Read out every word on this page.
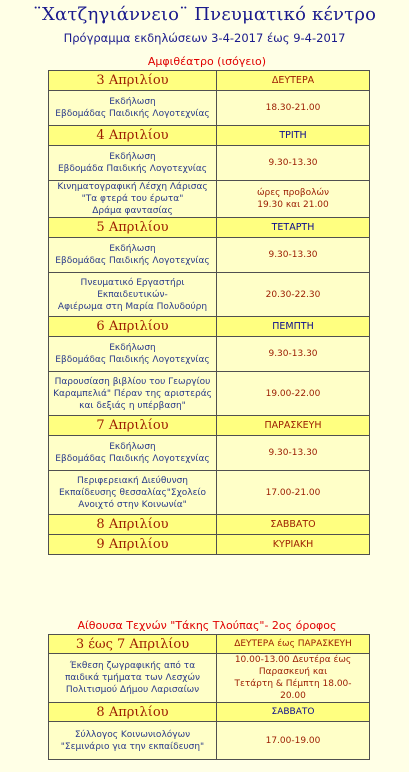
¨Χατζηγιάννειο¨ Πνευματικό κέντρο
Πρόγραμμα εκδηλώσεων 3-4-2017 έως 9-4-2017
Αμφιθέατρο (ισόγειο)
3 Απριλίου	ΔΕΥΤΕΡΑ

Εκδήλωση
Εβδομάδας Παιδικής Λογοτεχνίας	18.30-21.00

4 Απριλίου	ΤΡΙΤΗ

Εκδήλωση
Εβδομάδα Παιδικής Λογοτεχνίας	9.30-13.30

Κινηματογραφική Λέσχη Λάρισας
"Τα φτερά του έρωτα"
Δράμα φαντασίας	ώρες προβολών
19.30 και 21.00

5 Απριλίου	ΤΕΤΑΡΤΗ

Εκδήλωση
Εβδομάδας Παιδικής Λογοτεχνίας	9.30-13.30

Πνευματικό Εργαστήρι
Εκπαιδευτικών-
Αφιέρωμα στη Μαρία Πολυδούρη	20.30-22.30

6 Απριλίου	ΠΕΜΠΤΗ

Εκδήλωση
Εβδομάδας Παιδικής Λογοτεχνίας	9.30-13.30

Παρουσίαση βιβλίου του Γεωργίου
Καραμπελιά" Πέραν της αριστεράς
και δεξιάς η υπέρβαση"	19.00-22.00

7 Απριλίου	ΠΑΡΑΣΚΕΥΗ

Εκδήλωση
Εβδομάδας Παιδικής Λογοτεχνίας	9.30-13.30

Περιφερειακή Διεύθυνση
Εκπαίδευσης θεσσαλίας"Σχολείο
Ανοιχτό στην Κοινωνία"	17.00-21.00

8 Απριλίου	ΣΑΒΒΑΤΟ
9 Απριλίου	ΚΥΡΙΑΚΗ
Αίθουσα Τεχνών "Τάκης Τλούπας"- 2ος όροφος
3 έως 7 Απριλίου	ΔΕΥΤΕΡΑ έως ΠΑΡΑΣΚΕΥΗ

Έκθεση ζωγραφικής από τα
παιδικά τμήματα των Λεσχών
Πολιτισμού Δήμου Λαρισαίων	10.00-13.00 Δευτέρα έως
Παρασκευή και
Τετάρτη & Πέμπτη 18.00-
20.00

8 Απριλίου	ΣΑΒΒΑΤΟ

Σύλλογος Κοινωνιολόγων
"Σεμινάριο για την εκπαίδευση"	17.00-19.00
